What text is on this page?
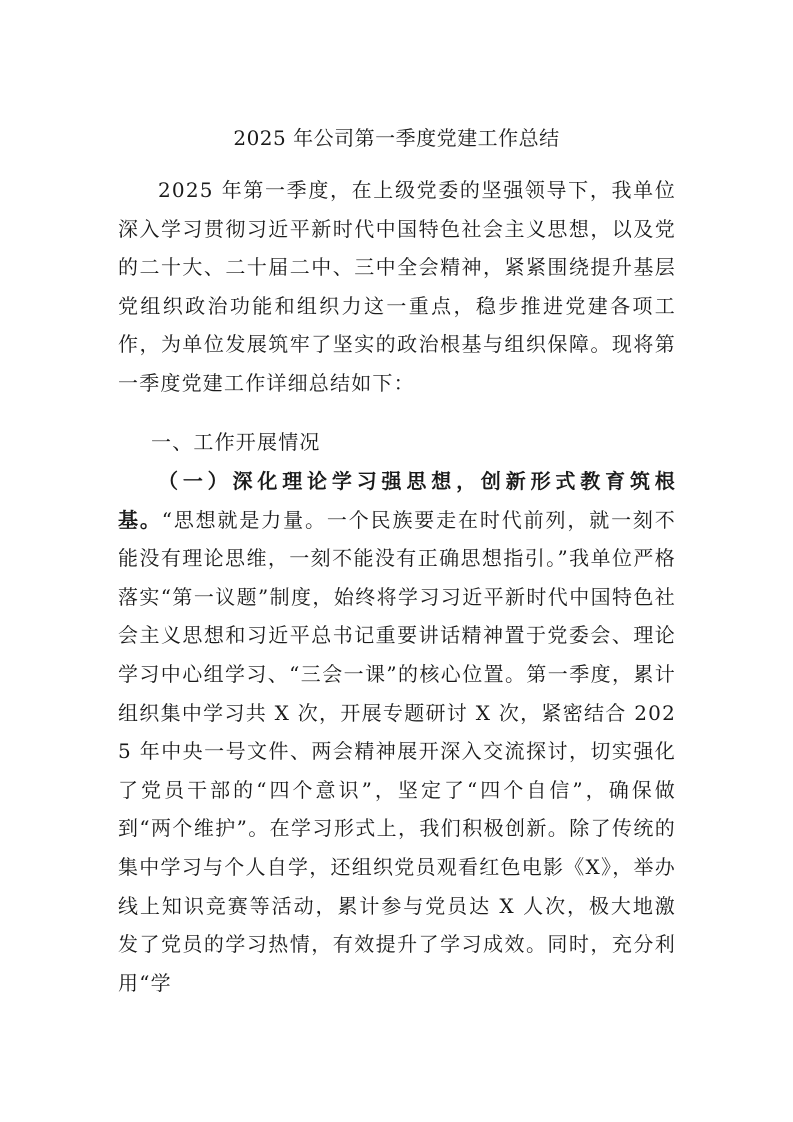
2025 年公司第一季度党建工作总结

2025 年第一季度，在上级党委的坚强领导下，我单位深入学习贯彻习近平新时代中国特色社会主义思想，以及党的二十大、二十届二中、三中全会精神，紧紧围绕提升基层党组织政治功能和组织力这一重点，稳步推进党建各项工作，为单位发展筑牢了坚实的政治根基与组织保障。现将第一季度党建工作详细总结如下：

一、工作开展情况

（一）深化理论学习强思想，创新形式教育筑根基。“思想就是力量。一个民族要走在时代前列，就一刻不能没有理论思维，一刻不能没有正确思想指引。”我单位严格落实“第一议题”制度，始终将学习习近平新时代中国特色社会主义思想和习近平总书记重要讲话精神置于党委会、理论学习中心组学习、“三会一课”的核心位置。第一季度，累计组织集中学习共 X 次，开展专题研讨 X 次，紧密结合 2025 年中央一号文件、两会精神展开深入交流探讨，切实强化了党员干部的“四个意识”，坚定了“四个自信”，确保做到“两个维护”。在学习形式上，我们积极创新。除了传统的集中学习与个人自学，还组织党员观看红色电影《X》，举办线上知识竞赛等活动，累计参与党员达 X 人次，极大地激发了党员的学习热情，有效提升了学习成效。同时，充分利用“学
